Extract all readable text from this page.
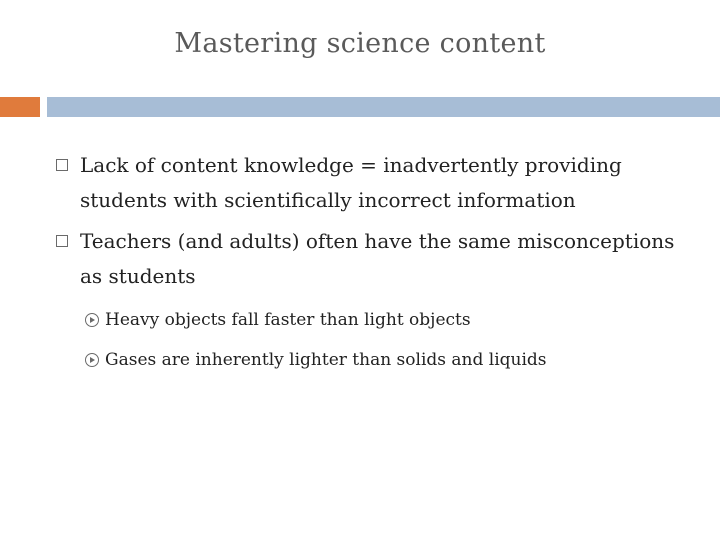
Mastering science content
Lack of content knowledge = inadvertently providing students with scientifically incorrect information
Teachers (and adults) often have the same misconceptions as students
Heavy objects fall faster than light objects
Gases are inherently lighter than solids and liquids
